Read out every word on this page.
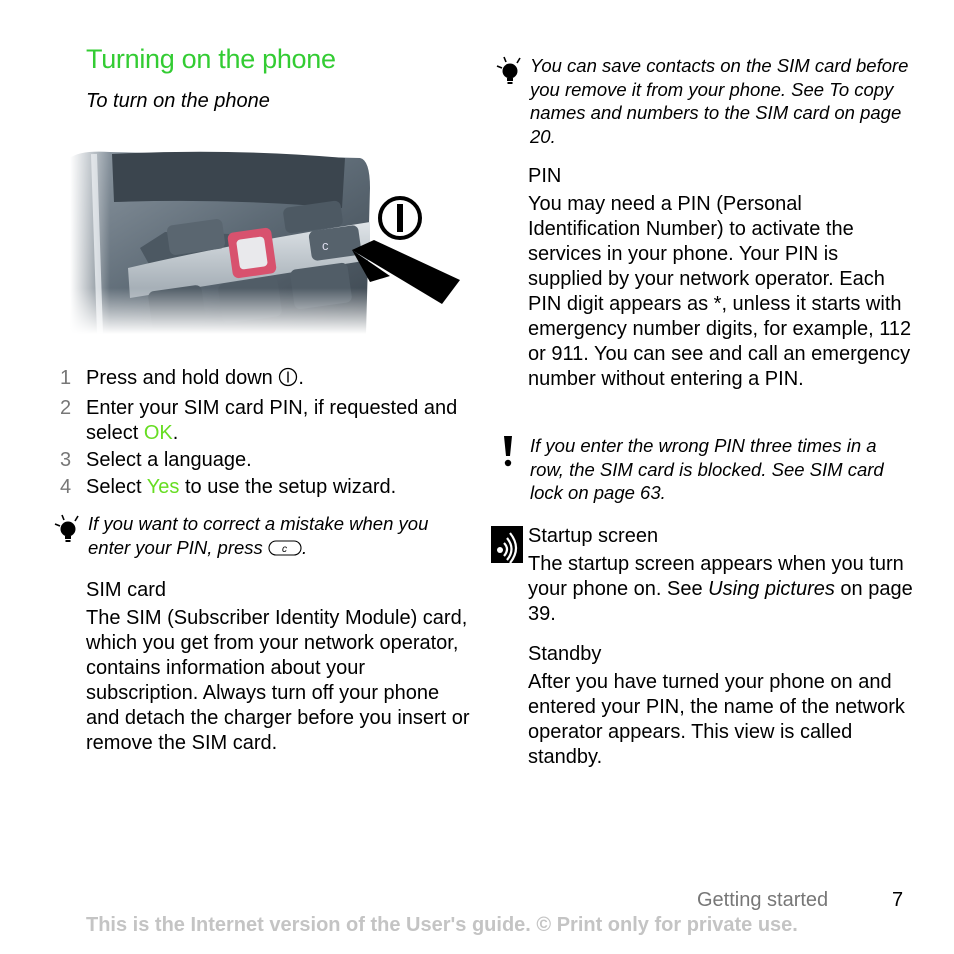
Turning on the phone
To turn on the phone
c
1 Press and hold down .
2 Enter your SIM card PIN, if requested and select OK.
3 Select a language.
4 Select Yes to use the setup wizard.
If you want to correct a mistake when you enter your PIN, press c .
SIM card
The SIM (Subscriber Identity Module) card, which you get from your network operator, contains information about your subscription. Always turn off your phone and detach the charger before you insert or remove the SIM card.
You can save contacts on the SIM card before you remove it from your phone. See To copy names and numbers to the SIM card on page 20.
PIN
You may need a PIN (Personal Identification Number) to activate the services in your phone. Your PIN is supplied by your network operator. Each PIN digit appears as *, unless it starts with emergency number digits, for example, 112 or 911. You can see and call an emergency number without entering a PIN.
If you enter the wrong PIN three times in a row, the SIM card is blocked. See SIM card lock on page 63.
Startup screen
The startup screen appears when you turn your phone on. See Using pictures on page 39.
Standby
After you have turned your phone on and entered your PIN, the name of the network operator appears. This view is called standby.
Getting started	7
This is the Internet version of the User's guide. © Print only for private use.
